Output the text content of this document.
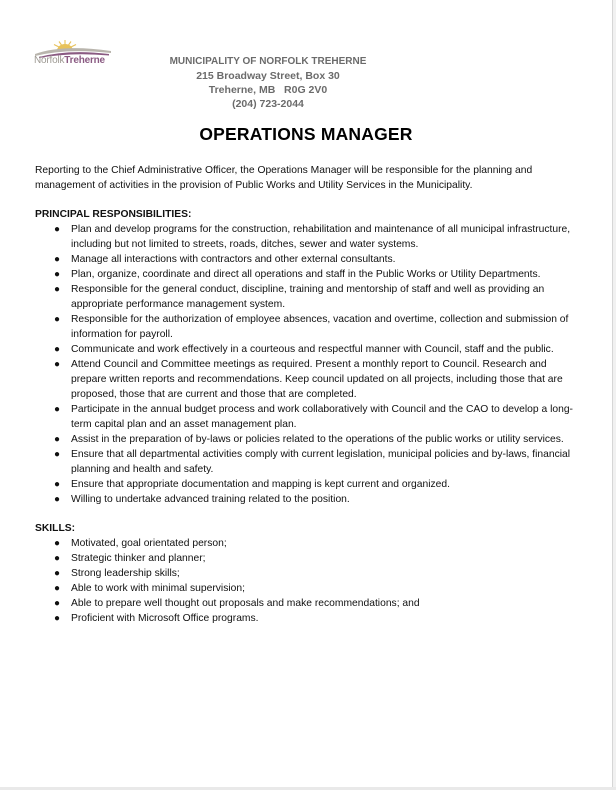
NorfolkTreherne	MUNICIPALITY OF NORFOLK TREHERNE
215 Broadway Street, Box 30
Treherne, MB   R0G 2V0
(204) 723-2044
OPERATIONS MANAGER

Reporting to the Chief Administrative Officer, the Operations Manager will be responsible for the planning and management of activities in the provision of Public Works and Utility Services in the Municipality.

PRINCIPAL RESPONSIBILITIES:
● Plan and develop programs for the construction, rehabilitation and maintenance of all municipal infrastructure, including but not limited to streets, roads, ditches, sewer and water systems.
● Manage all interactions with contractors and other external consultants.
● Plan, organize, coordinate and direct all operations and staff in the Public Works or Utility Departments.
● Responsible for the general conduct, discipline, training and mentorship of staff and well as providing an appropriate performance management system.
● Responsible for the authorization of employee absences, vacation and overtime, collection and submission of information for payroll.
● Communicate and work effectively in a courteous and respectful manner with Council, staff and the public.
● Attend Council and Committee meetings as required. Present a monthly report to Council. Research and prepare written reports and recommendations. Keep council updated on all projects, including those that are proposed, those that are current and those that are completed.
● Participate in the annual budget process and work collaboratively with Council and the CAO to develop a long-term capital plan and an asset management plan.
● Assist in the preparation of by-laws or policies related to the operations of the public works or utility services.
● Ensure that all departmental activities comply with current legislation, municipal policies and by-laws, financial planning and health and safety.
● Ensure that appropriate documentation and mapping is kept current and organized.
● Willing to undertake advanced training related to the position.
SKILLS:
● Motivated, goal orientated person;
● Strategic thinker and planner;
● Strong leadership skills;
● Able to work with minimal supervision;
● Able to prepare well thought out proposals and make recommendations; and
● Proficient with Microsoft Office programs.
